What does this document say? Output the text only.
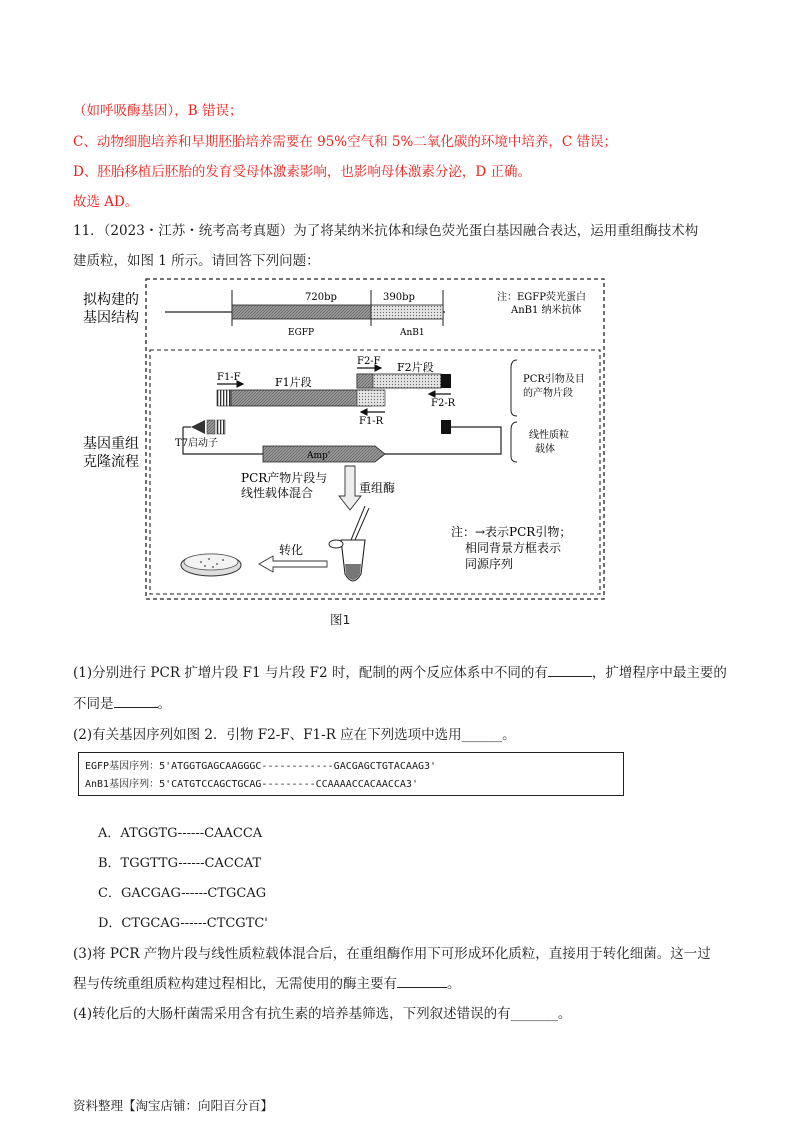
（如呼吸酶基因），B 错误；
C、动物细胞培养和早期胚胎培养需要在 95%空气和 5%二氧化碳的环境中培养，C 错误；
D、胚胎移植后胚胎的发育受母体激素影响，也影响母体激素分泌，D 正确。
故选 AD。
11．（2023・江苏・统考高考真题）为了将某纳米抗体和绿色荧光蛋白基因融合表达，运用重组酶技术构
建质粒，如图 1 所示。请回答下列问题：
拟构建的
基因结构
720bp	390bp
EGFP	AnB1
注：EGFP荧光蛋白
AnB1 纳米抗体
基因重组
克隆流程
F2-F F2片段
F2-R
F1-F	F1片段
F1-R
PCR引物及目
的产物片段
T7启动子
Amp'
线性质粒
载体
PCR产物片段与
线性载体混合	重组酶
转化
注：→表示PCR引物；
相同背景方框表示
同源序列
图1
(1)分别进行 PCR 扩增片段 F1 与片段 F2 时，配制的两个反应体系中不同的有	，扩增程序中最主要的
不同是	。
(2)有关基因序列如图 2．引物 F2-F、F1-R 应在下列选项中选用______。
EGFP基因序列：5'ATGGTGAGCAAGGGC------------GACGAGCTGTACAAG3'
AnB1基因序列：5'CATGTCCAGCTGCAG---------CCAAAACCACAACCA3'
A．ATGGTG------CAACCA
B．TGGTTG------CACCAT
C．GACGAG------CTGCAG
D．CTGCAG------CTCGTC'
(3)将 PCR 产物片段与线性质粒载体混合后，在重组酶作用下可形成环化质粒，直接用于转化细菌。这一过
程与传统重组质粒构建过程相比，无需使用的酶主要有	。
(4)转化后的大肠杆菌需采用含有抗生素的培养基筛选，下列叙述错误的有_______。
资料整理【淘宝店铺：向阳百分百】
